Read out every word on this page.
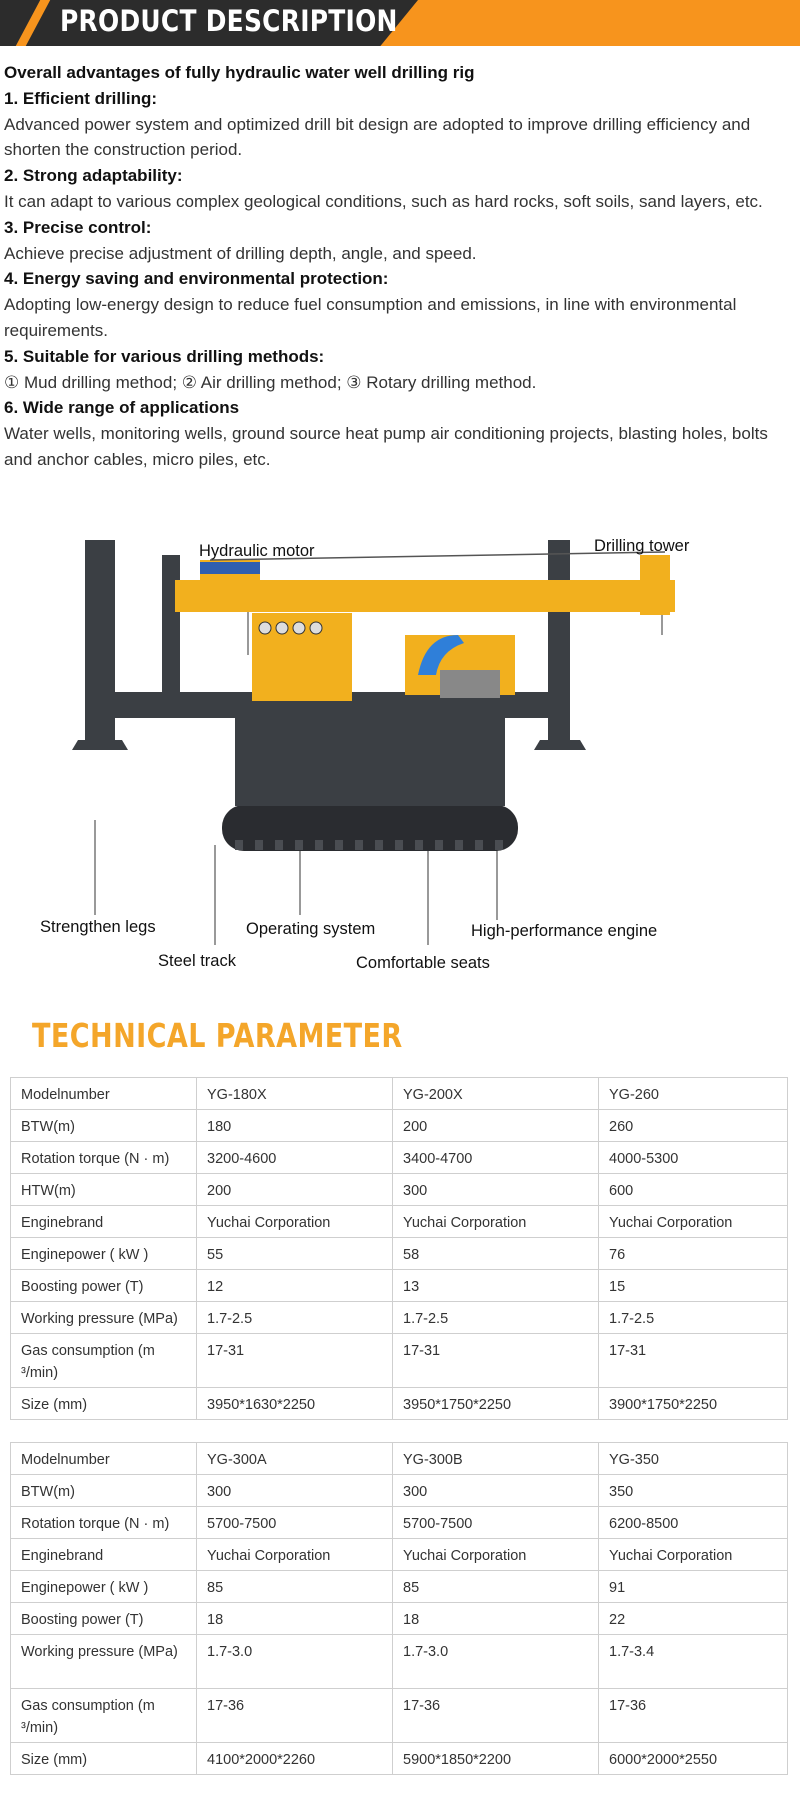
PRODUCT DESCRIPTION

Overall advantages of fully hydraulic water well drilling rig

1. Efficient drilling:

Advanced power system and optimized drill bit design are adopted to improve drilling efficiency and shorten the construction period.

2. Strong adaptability:

It can adapt to various complex geological conditions, such as hard rocks, soft soils, sand layers, etc.

3. Precise control:

Achieve precise adjustment of drilling depth, angle, and speed.

4. Energy saving and environmental protection:

Adopting low-energy design to reduce fuel consumption and emissions, in line with environmental requirements.

5. Suitable for various drilling methods:

① Mud drilling method; ② Air drilling method; ③ Rotary drilling method.

6. Wide range of applications

Water wells, monitoring wells, ground source heat pump air conditioning projects, blasting holes, bolts and anchor cables, micro piles, etc.

Hydraulic motor	Drilling tower
Strengthen legs	Operating system	High-performance engine
Steel track	Comfortable seats
TECHNICAL PARAMETER
Modelnumber	YG-180X	YG-200X	YG-260
BTW(m)	180	200	260
Rotation torque (N · m)	3200-4600	3400-4700	4000-5300
HTW(m)	200	300	600
Enginebrand	Yuchai Corporation	Yuchai Corporation	Yuchai Corporation
Enginepower ( kW )	55	58	76
Boosting power (T)	12	13	15
Working pressure (MPa)	1.7-2.5	1.7-2.5	1.7-2.5
Gas consumption (m ³/min)	17-31	17-31	17-31
Size (mm)	3950*1630*2250	3950*1750*2250	3900*1750*2250
Modelnumber	YG-300A	YG-300B	YG-350
BTW(m)	300	300	350
Rotation torque (N · m)	5700-7500	5700-7500	6200-8500
Enginebrand	Yuchai Corporation	Yuchai Corporation	Yuchai Corporation
Enginepower ( kW )	85	85	91
Boosting power (T)	18	18	22
Working pressure (MPa)	1.7-3.0	1.7-3.0	1.7-3.4
Gas consumption (m ³/min)	17-36	17-36	17-36
Size (mm)	4100*2000*2260	5900*1850*2200	6000*2000*2550
